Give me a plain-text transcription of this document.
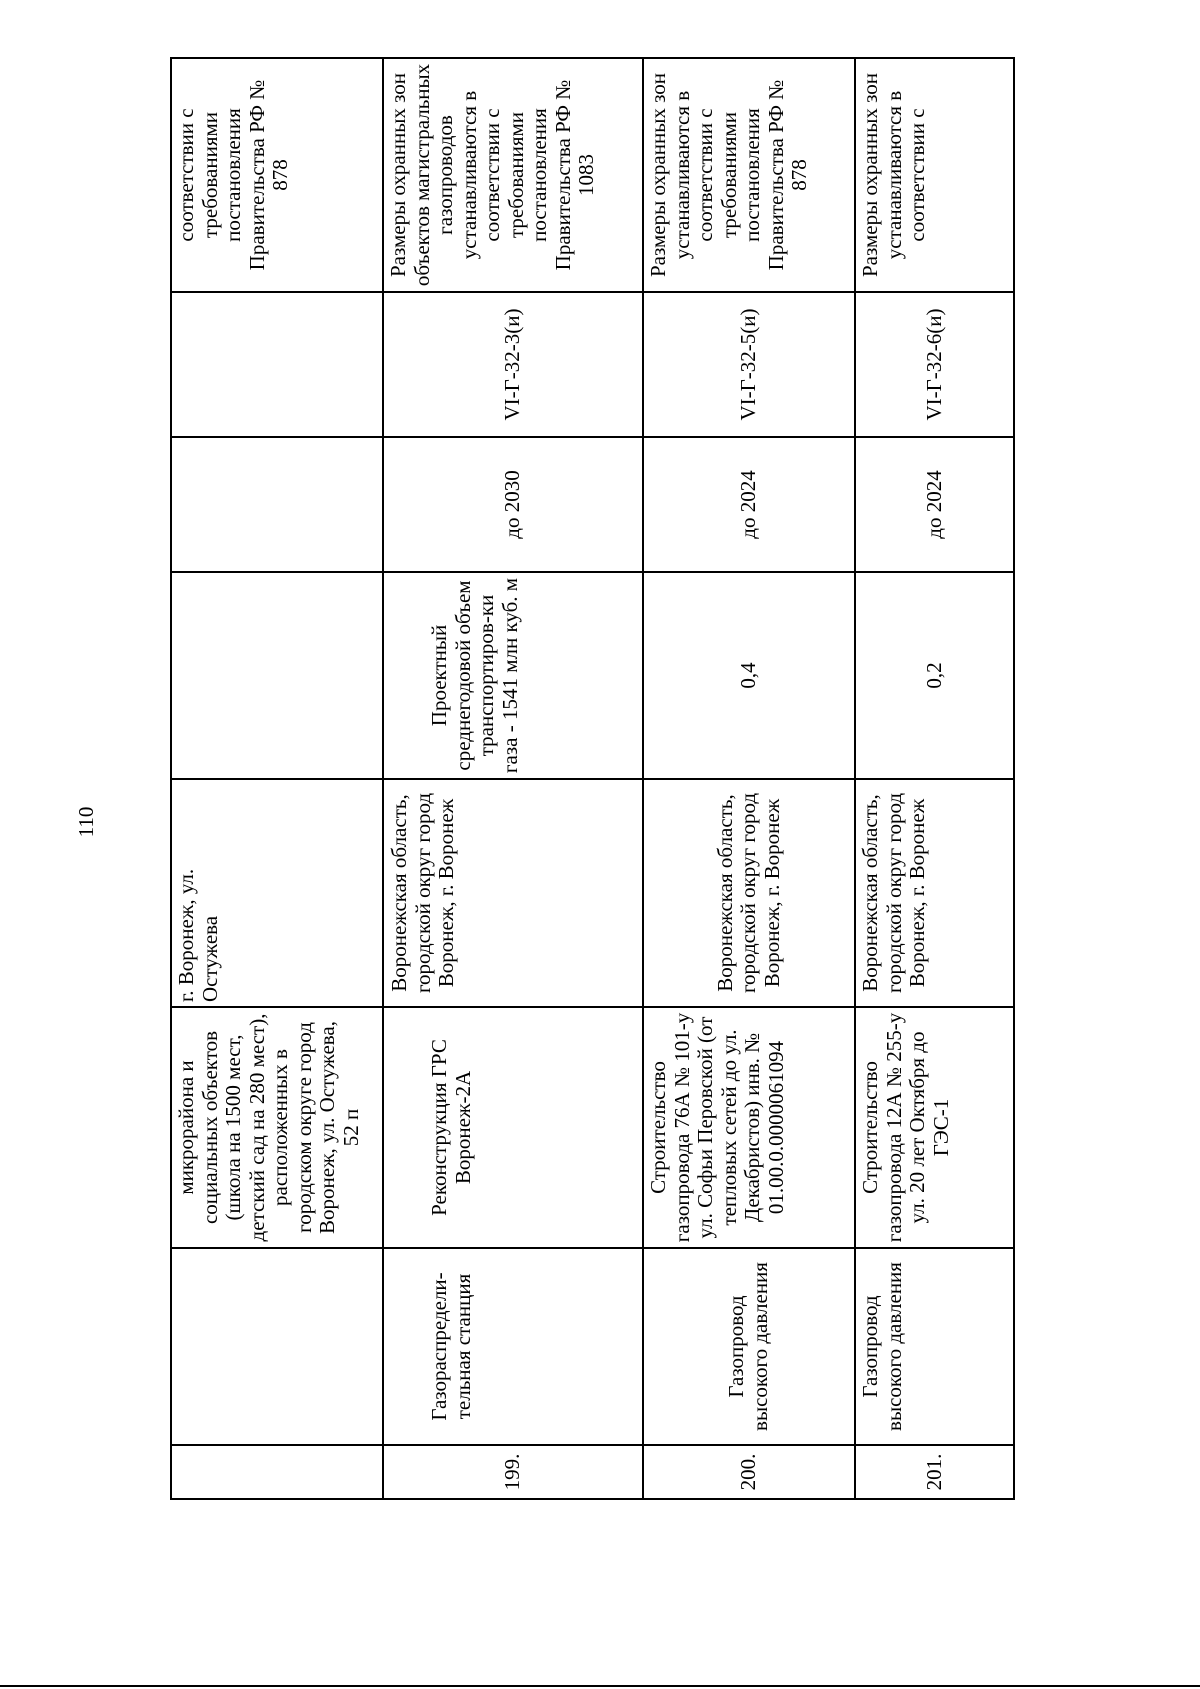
110
		микрорайона и социальных объектов (школа на 1500 мест, детский сад на 280 мест), расположенных в городском округе город Воронеж, ул. Остужева, 52 п	г. Воронеж, ул. Остужева				соответствии с требованиями постановления Правительства РФ № 878
199.	Газораспредели-тельная станция	Реконструкция ГРС Воронеж-2А	Воронежская область, городской округ город Воронеж, г. Воронеж	Проектный среднегодовой объем транспортиров-ки газа - 1541 млн куб. м	до 2030	VI-Г-32-3(и)	Размеры охранных зон объектов магистральных газопроводов устанавливаются в соответствии с требованиями постановления Правительства РФ № 1083
200.	Газопровод высокого давления	Строительство газопровода 76А № 101-у ул. Софьи Перовской (от тепловых сетей до ул. Декабристов) инв. № 01.00.0.0000061094	Воронежская область, городской округ город Воронеж, г. Воронеж	0,4	до 2024	VI-Г-32-5(и)	Размеры охранных зон устанавливаются в соответствии с требованиями постановления Правительства РФ № 878
201.	Газопровод высокого давления	Строительство газопровода 12А № 255-у ул. 20 лет Октября до ГЭС-1	Воронежская область, городской округ город Воронеж, г. Воронеж	0,2	до 2024	VI-Г-32-6(и)	Размеры охранных зон устанавливаются в соответствии с
